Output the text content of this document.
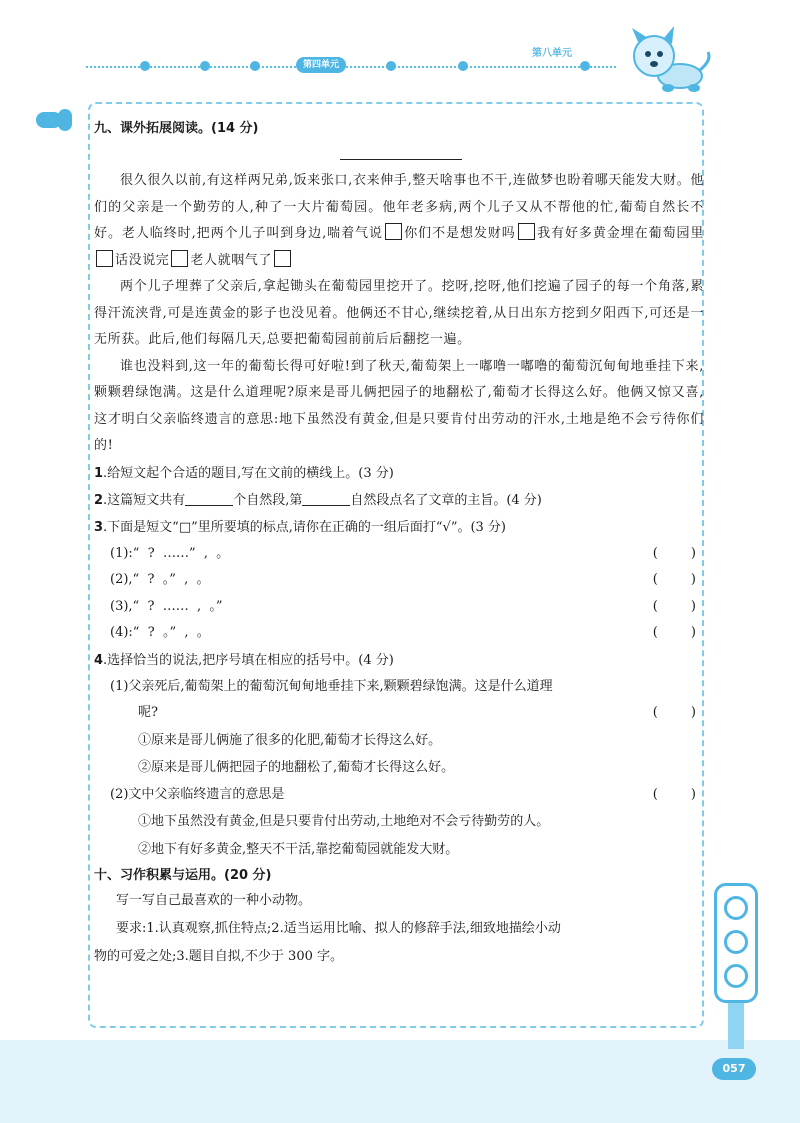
第四单元
第八单元
057
九、课外拓展阅读。(14 分)
很久很久以前,有这样两兄弟,饭来张口,衣来伸手,整天啥事也不干,连做梦也盼着哪天能发大财。他们的父亲是一个勤劳的人,种了一大片葡萄园。他年老多病,两个儿子又从不帮他的忙,葡萄自然长不好。老人临终时,把两个儿子叫到身边,喘着气说 你们不是想发财吗 我有好多黄金埋在葡萄园里话没说完 老人就咽气了
两个儿子埋葬了父亲后,拿起锄头在葡萄园里挖开了。挖呀,挖呀,他们挖遍了园子的每一个角落,累得汗流浃背,可是连黄金的影子也没见着。他俩还不甘心,继续挖着,从日出东方挖到夕阳西下,可还是一无所获。此后,他们每隔几天,总要把葡萄园前前后后翻挖一遍。
谁也没料到,这一年的葡萄长得可好啦!到了秋天,葡萄架上一嘟噜一嘟噜的葡萄沉甸甸地垂挂下来,颗颗碧绿饱满。这是什么道理呢?原来是哥儿俩把园子的地翻松了,葡萄才长得这么好。他俩又惊又喜,这才明白父亲临终遗言的意思:地下虽然没有黄金,但是只要肯付出劳动的汗水,土地是绝不会亏待你们的!
1.给短文起个合适的题目,写在文前的横线上。(3 分)
2.这篇短文共有	个自然段,第	自然段点名了文章的主旨。(4 分)
3.下面是短文“□”里所要填的标点,请你在正确的一组后面打“√”。(3 分)
(1):“  ?  ……”  ,  。	(        )
(2),“  ?  。”  ,  。	(        )
(3),“  ?  ……  ,  。”	(        )
(4):“  ?  。”  ,  。	(        )
4.选择恰当的说法,把序号填在相应的括号中。(4 分)
(1)父亲死后,葡萄架上的葡萄沉甸甸地垂挂下来,颗颗碧绿饱满。这是什么道理
呢?	(        )
①原来是哥儿俩施了很多的化肥,葡萄才长得这么好。
②原来是哥儿俩把园子的地翻松了,葡萄才长得这么好。
(2)文中父亲临终遗言的意思是	(        )
①地下虽然没有黄金,但是只要肯付出劳动,土地绝对不会亏待勤劳的人。
②地下有好多黄金,整天不干活,靠挖葡萄园就能发大财。
十、习作积累与运用。(20 分)
写一写自己最喜欢的一种小动物。
要求:1.认真观察,抓住特点;2.适当运用比喻、拟人的修辞手法,细致地描绘小动
物的可爱之处;3.题目自拟,不少于 300 字。
